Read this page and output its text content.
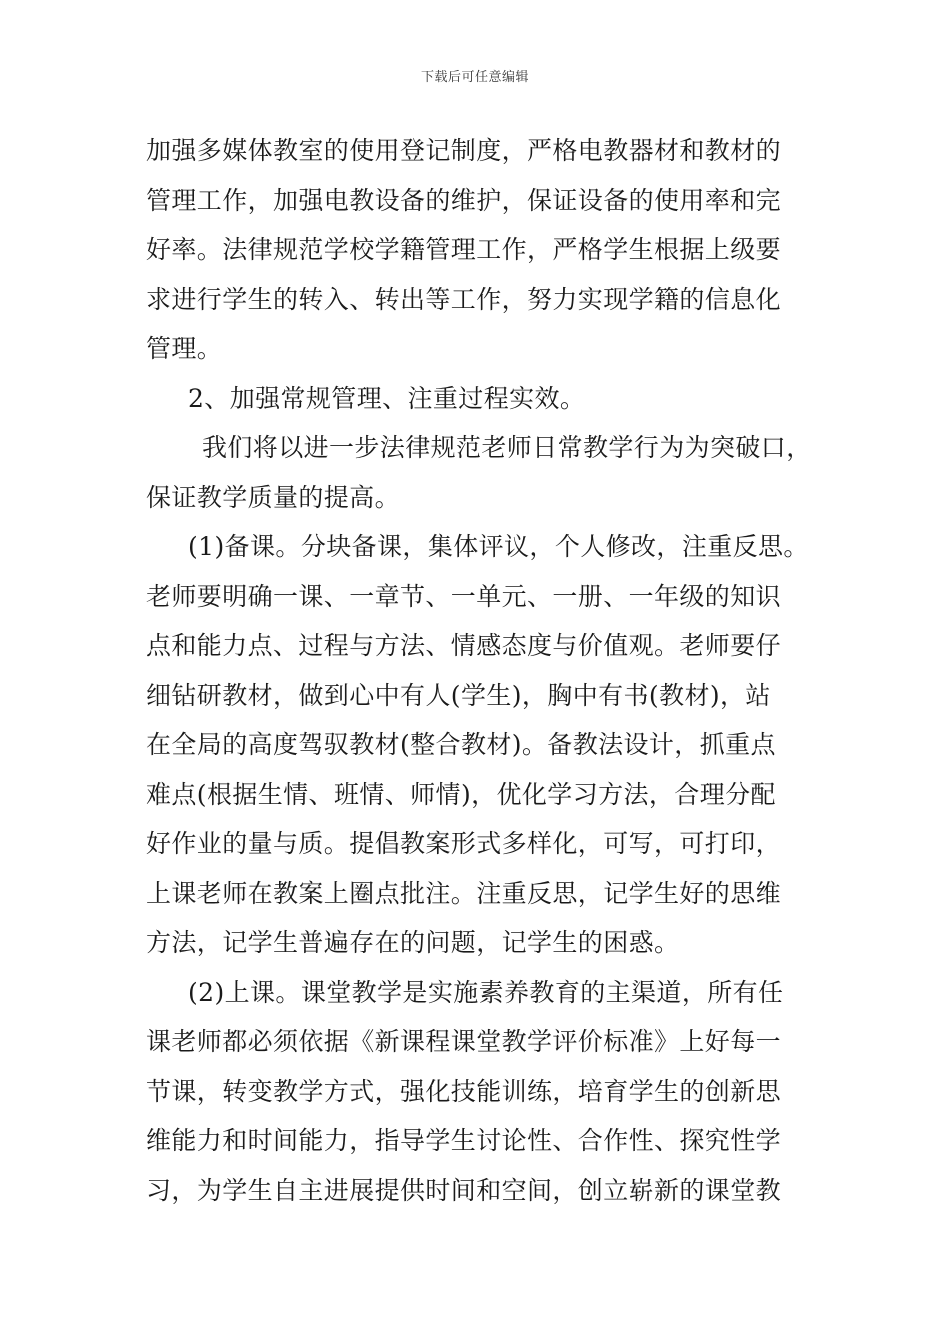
下载后可任意编辑
加强多媒体教室的使用登记制度，严格电教器材和教材的
管理工作，加强电教设备的维护，保证设备的使用率和完
好率。法律规范学校学籍管理工作，严格学生根据上级要
求进行学生的转入、转出等工作，努力实现学籍的信息化
管理。
2、加强常规管理、注重过程实效。
我们将以进一步法律规范老师日常教学行为为突破口，
保证教学质量的提高。
(1)备课。分块备课，集体评议，个人修改，注重反思。
老师要明确一课、一章节、一单元、一册、一年级的知识
点和能力点、过程与方法、情感态度与价值观。老师要仔
细钻研教材，做到心中有人(学生)，胸中有书(教材)，站
在全局的高度驾驭教材(整合教材)。备教法设计，抓重点
难点(根据生情、班情、师情)，优化学习方法，合理分配
好作业的量与质。提倡教案形式多样化，可写，可打印，
上课老师在教案上圈点批注。注重反思，记学生好的思维
方法，记学生普遍存在的问题，记学生的困惑。
(2)上课。课堂教学是实施素养教育的主渠道，所有任
课老师都必须依据《新课程课堂教学评价标准》上好每一
节课，转变教学方式，强化技能训练，培育学生的创新思
维能力和时间能力，指导学生讨论性、合作性、探究性学
习，为学生自主进展提供时间和空间，创立崭新的课堂教
